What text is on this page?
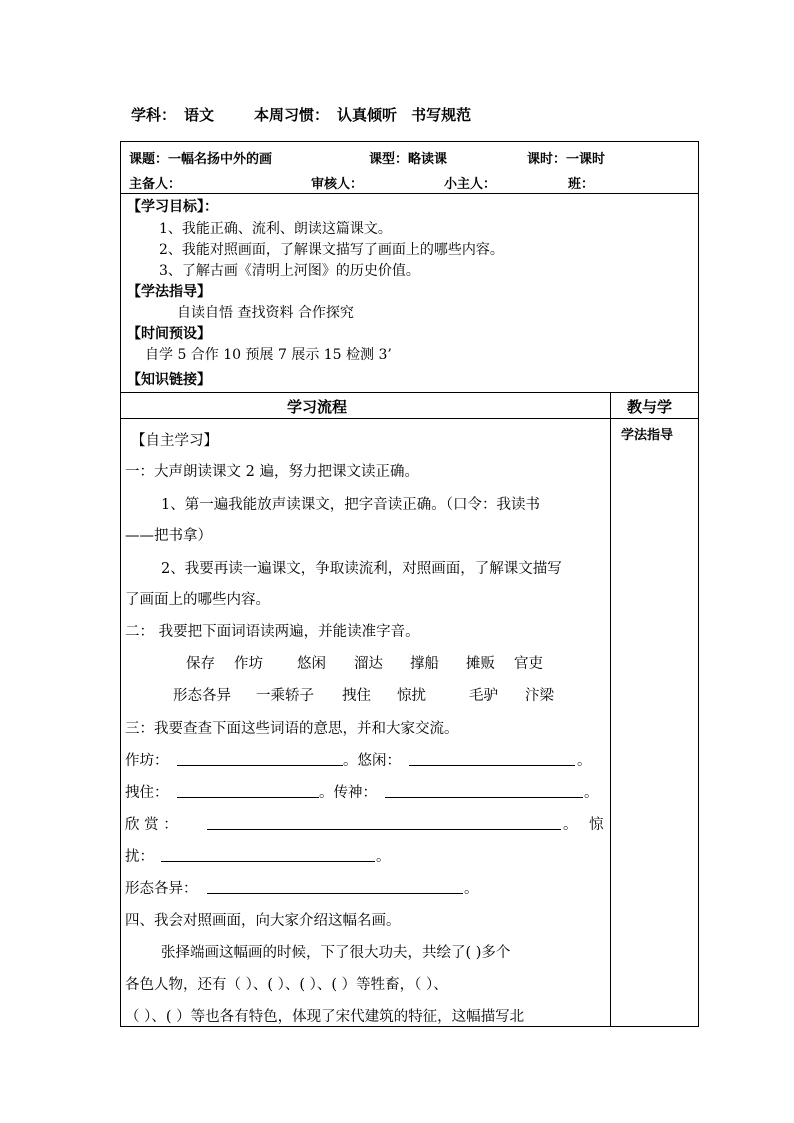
学科： 语文	本周习惯： 认真倾听 书写规范
课题：一幅名扬中外的画	课型：略读课	课时：一课时
主备人：	审核人：	小主人：	班：
【学习目标】：
1、我能正确、流利、朗读这篇课文。
2、我能对照画面，了解课文描写了画面上的哪些内容。
3、了解古画《清明上河图》的历史价值。
【学法指导】
自读自悟 查找资料 合作探究
【时间预设】
自学 5 合作 10 预展 7 展示 15 检测 3’
【知识链接】
学习流程	教与学
学法指导
【自主学习】
一：大声朗读课文 2 遍，努力把课文读正确。
1、第一遍我能放声读课文，把字音读正确。（口令：我读书
——把书拿）
2、我要再读一遍课文，争取读流利，对照画面，了解课文描写
了画面上的哪些内容。
二： 我要把下面词语读两遍，并能读准字音。
保存 作坊 悠闲 溜达 撑船 摊贩 官吏
形态各异 一乘轿子 拽住 惊扰	毛驴 汴梁
三：我要查查下面这些词语的意思，并和大家交流。
作坊：	。悠闲：	。
拽住：	。传神：	。
欣 赏 ：	。 惊
扰：	。
形态各异：	。
四、我会对照画面，向大家介绍这幅名画。
张择端画这幅画的时候，下了很大功夫，共绘了( )多个
各色人物，还有（ ）、( ）、( ）、( ）等牲畜，（ ）、
（ ）、( ）等也各有特色，体现了宋代建筑的特征，这幅描写北
